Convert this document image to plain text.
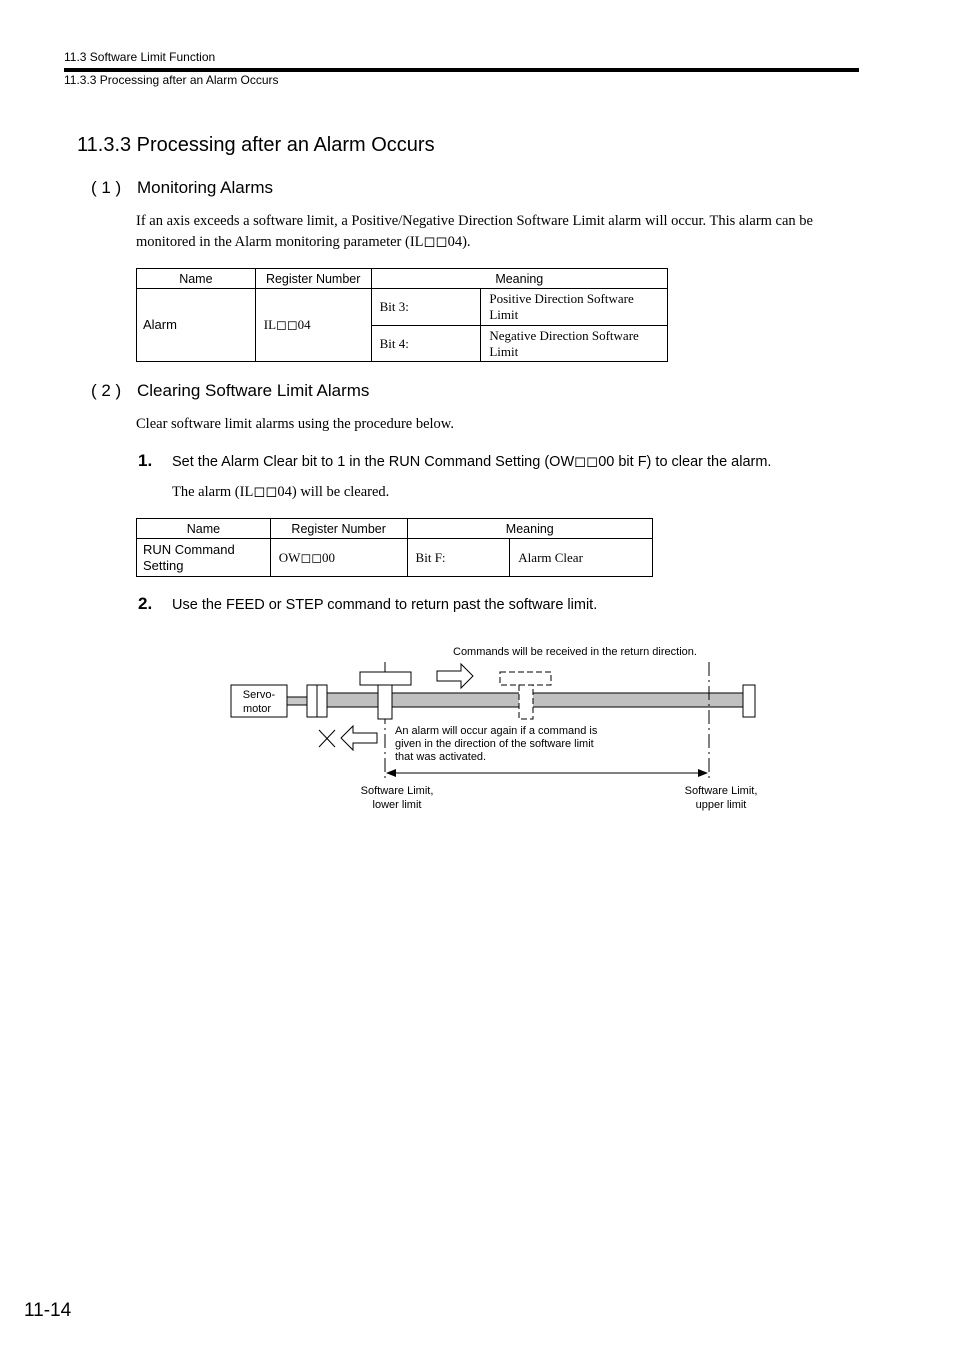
11.3 Software Limit Function
11.3.3 Processing after an Alarm Occurs
11.3.3 Processing after an Alarm Occurs
( 1 ) Monitoring Alarms
If an axis exceeds a software limit, a Positive/Negative Direction Software Limit alarm will occur. This alarm can be
monitored in the Alarm monitoring parameter (IL◻◻04).
Name	Register Number	Meaning	
Alarm	IL◻◻04	Bit 3:	Positive Direction Software
Limit

		Bit 4:	Negative Direction Software
Limit
( 2 ) Clearing Software Limit Alarms
Clear software limit alarms using the procedure below.
1. Set the Alarm Clear bit to 1 in the RUN Command Setting (OW◻◻00 bit F) to clear the alarm.
The alarm (IL◻◻04) will be cleared.
Name	Register Number	Meaning	

RUN Command
Setting	OW◻◻00	Bit F:	Alarm Clear
2. Use the FEED or STEP command to return past the software limit.
Commands will be received in the return direction.
Servo-
motor
An alarm will occur again if a command is
given in the direction of the software limit
that was activated.
Software Limit,
lower limit
Software Limit,
upper limit
11-14
